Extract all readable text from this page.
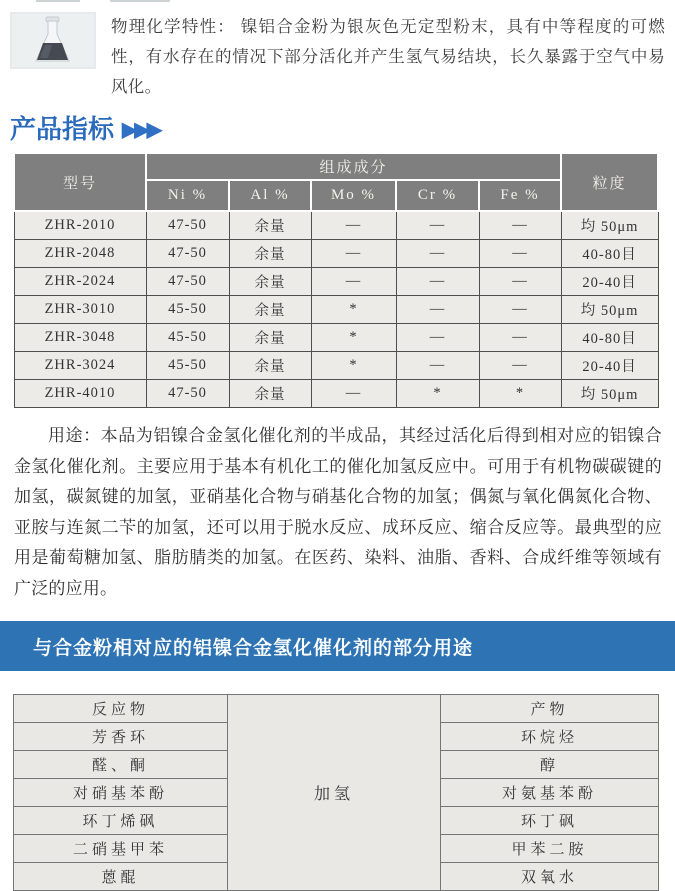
物理化学特性： 镍铝合金粉为银灰色无定型粉末，具有中等程度的可燃性，有水存在的情况下部分活化并产生氢气易结块，长久暴露于空气中易风化。

产品指标 ▶▶▶
型号	组成成分					粒度
	Ni %	Al %	Mo %	Cr %	Fe %	
ZHR-2010	47-50	余量	—	—	—	均 50μm
ZHR-2048	47-50	余量	—	—	—	40-80目
ZHR-2024	47-50	余量	—	—	—	20-40目
ZHR-3010	45-50	余量	*	—	—	均 50μm
ZHR-3048	45-50	余量	*	—	—	40-80目
ZHR-3024	45-50	余量	*	—	—	20-40目
ZHR-4010	47-50	余量	—	*	*	均 50μm

用途：本品为铝镍合金氢化催化剂的半成品，其经过活化后得到相对应的铝镍合金氢化催化剂。主要应用于基本有机化工的催化加氢反应中。可用于有机物碳碳键的加氢，碳氮键的加氢，亚硝基化合物与硝基化合物的加氢；偶氮与氧化偶氮化合物、亚胺与连氮二苄的加氢，还可以用于脱水反应、成环反应、缩合反应等。最典型的应用是葡萄糖加氢、脂肪腈类的加氢。在医药、染料、油脂、香料、合成纤维等领域有广泛的应用。

与合金粉相对应的铝镍合金氢化催化剂的部分用途
反应物	加氢	产物
芳香环		环烷烃
醛、酮		醇
对硝基苯酚		对氨基苯酚
环丁烯砜		环丁砜
二硝基甲苯		甲苯二胺
蒽醌		双氧水
